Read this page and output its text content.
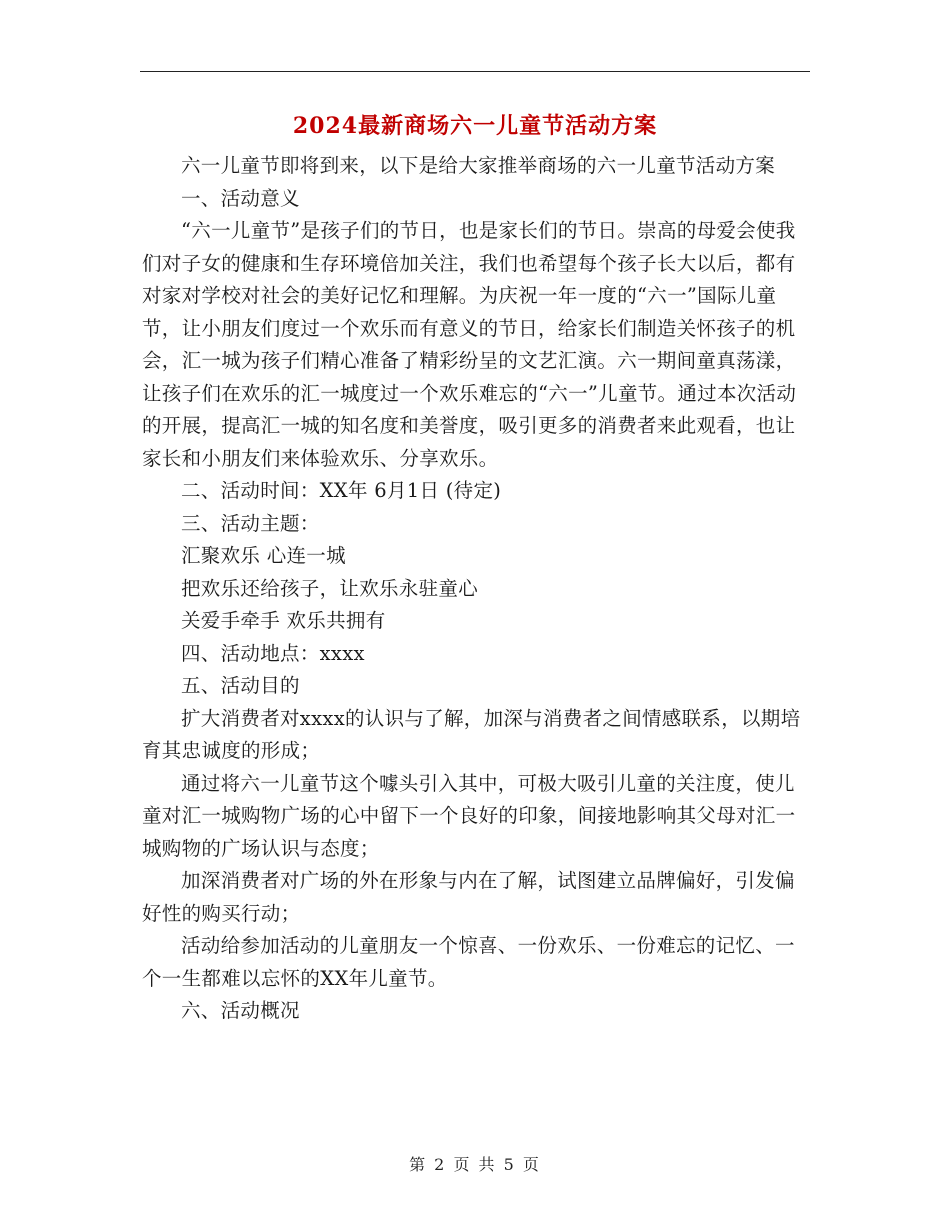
2024最新商场六一儿童节活动方案

六一儿童节即将到来，以下是给大家推举商场的六一儿童节活动方案

一、活动意义

“六一儿童节”是孩子们的节日，也是家长们的节日。崇高的母爱会使我们对子女的健康和生存环境倍加关注，我们也希望每个孩子长大以后，都有对家对学校对社会的美好记忆和理解。为庆祝一年一度的“六一”国际儿童节，让小朋友们度过一个欢乐而有意义的节日，给家长们制造关怀孩子的机会，汇一城为孩子们精心准备了精彩纷呈的文艺汇演。六一期间童真荡漾，让孩子们在欢乐的汇一城度过一个欢乐难忘的“六一”儿童节。通过本次活动的开展，提高汇一城的知名度和美誉度，吸引更多的消费者来此观看，也让家长和小朋友们来体验欢乐、分享欢乐。

二、活动时间：XX年 6月1日 (待定)

三、活动主题：

汇聚欢乐 心连一城

把欢乐还给孩子，让欢乐永驻童心

关爱手牵手 欢乐共拥有

四、活动地点：xxxx

五、活动目的

扩大消费者对xxxx的认识与了解，加深与消费者之间情感联系，以期培育其忠诚度的形成；

通过将六一儿童节这个噱头引入其中，可极大吸引儿童的关注度，使儿童对汇一城购物广场的心中留下一个良好的印象，间接地影响其父母对汇一城购物的广场认识与态度；

加深消费者对广场的外在形象与内在了解，试图建立品牌偏好，引发偏好性的购买行动；

活动给参加活动的儿童朋友一个惊喜、一份欢乐、一份难忘的记忆、一个一生都难以忘怀的XX年儿童节。

六、活动概况

第 2 页 共 5 页
